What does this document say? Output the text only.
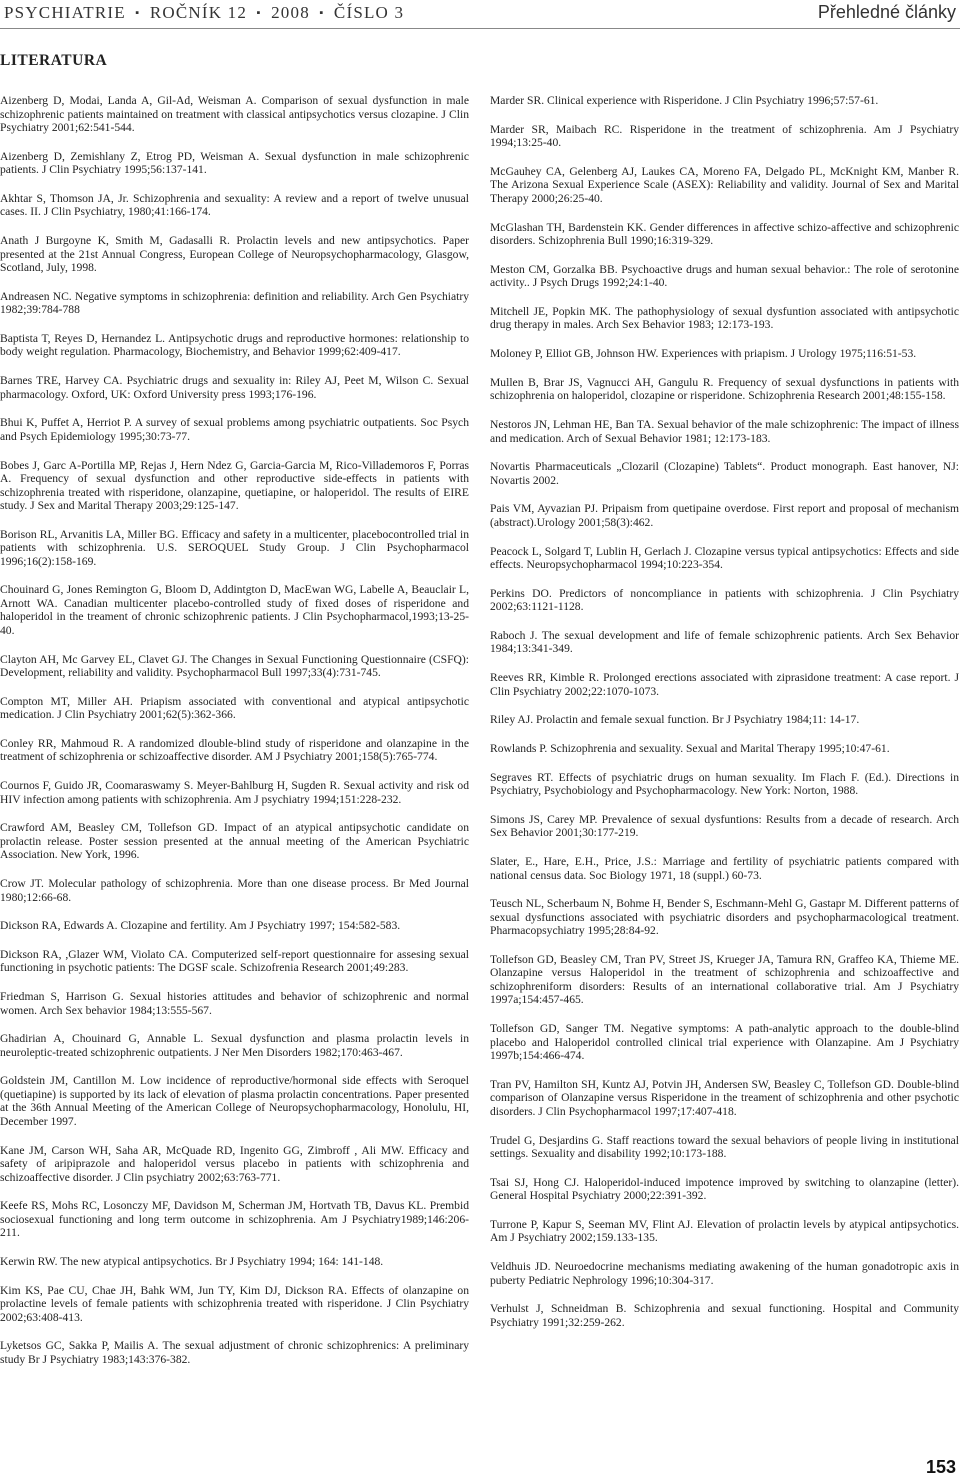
PSYCHIATRIE ▪ ROČNÍK 12 ▪ 2008 ▪ ČÍSLO 3	Přehledné články
LITERATURA

Aizenberg D, Modai, Landa A, Gil-Ad, Weisman A. Comparison of sexual dysfunction in male schizophrenic patients maintained on treatment with classical antipsychotics versus clozapine. J Clin Psychiatry 2001;62:541-544.

Aizenberg D, Zemishlany Z, Etrog PD, Weisman A. Sexual dysfunction in male schizophrenic patients. J Clin Psychiatry 1995;56:137-141.

Akhtar S, Thomson JA, Jr. Schizophrenia and sexuality: A review and a report of twelve unusual cases. II. J Clin Psychiatry, 1980;41:166-174.

Anath J Burgoyne K, Smith M, Gadasalli R. Prolactin levels and new antipsychotics. Paper presented at the 21st Annual Congress, European College of Neuropsychopharmacology, Glasgow, Scotland, July, 1998.

Andreasen NC. Negative symptoms in schizophrenia: definition and reliability. Arch Gen Psychiatry 1982;39:784-788

Baptista T, Reyes D, Hernandez L. Antipsychotic drugs and reproductive hormones: relationship to body weight regulation. Pharmacology, Biochemistry, and Behavior 1999;62:409-417.

Barnes TRE, Harvey CA. Psychiatric drugs and sexuality in: Riley AJ, Peet M, Wilson C. Sexual pharmacology. Oxford, UK: Oxford University press 1993;176-196.

Bhui K, Puffet A, Herriot P. A survey of sexual problems among psychiatric outpatients. Soc Psych and Psych Epidemiology 1995;30:73-77.

Bobes J, Garc A-Portilla MP, Rejas J, Hern Ndez G, Garcia-Garcia M, Rico-Villademoros F, Porras A. Frequency of sexual dysfunction and other reproductive side-effects in patients with schizophrenia treated with risperidone, olanzapine, quetiapine, or haloperidol. The results of EIRE study. J Sex and Marital Therapy 2003;29:125-147.

Borison RL, Arvanitis LA, Miller BG. Efficacy and safety in a multicenter, placebocontrolled trial in patients with schizophrenia. U.S. SEROQUEL Study Group. J Clin Psychopharmacol 1996;16(2):158-169.

Chouinard G, Jones Remington G, Bloom D, Addintgton D, MacEwan WG, Labelle A, Beauclair L, Arnott WA. Canadian multicenter placebo-controlled study of fixed doses of risperidone and haloperidol in the treament of chronic schizophrenic patients. J Clin Psychopharmacol,1993;13-25-40.

Clayton AH, Mc Garvey EL, Clavet GJ. The Changes in Sexual Functioning Questionnaire (CSFQ): Development, reliability and validity. Psychopharmacol Bull 1997;33(4):731-745.

Compton MT, Miller AH. Priapism associated with conventional and atypical antipsychotic medication. J Clin Psychiatry 2001;62(5):362-366.

Conley RR, Mahmoud R. A randomized dlouble-blind study of risperidone and olanzapine in the treatment of schizophrenia or schizoaffective disorder. AM J Psychiatry 2001;158(5):765-774.

Cournos F, Guido JR, Coomaraswamy S. Meyer-Bahlburg H, Sugden R. Sexual activity and risk od HIV infection among patients with schizophrenia. Am J psychiatry 1994;151:228-232.

Crawford AM, Beasley CM, Tollefson GD. Impact of an atypical antipsychotic candidate on prolactin release. Poster session presented at the annual meeting of the American Psychiatric Association. New York, 1996.

Crow JT. Molecular pathology of schizophrenia. More than one disease process. Br Med Journal 1980;12:66-68.

Dickson RA, Edwards A. Clozapine and fertility. Am J Psychiatry 1997; 154:582-583.

Dickson RA, ,Glazer WM, Violato CA. Computerized self-report questionnaire for assesing sexual functioning in psychotic patients: The DGSF scale. Schizofrenia Research 2001;49:283.

Friedman S, Harrison G. Sexual histories attitudes and behavior of schizophrenic and normal women. Arch Sex behavior 1984;13:555-567.

Ghadirian A, Chouinard G, Annable L. Sexual dysfunction and plasma prolactin levels in neuroleptic-treated schizophrenic outpatients. J Ner Men Disorders 1982;170:463-467.

Goldstein JM, Cantillon M. Low incidence of reproductive/hormonal side effects with Seroquel (quetiapine) is supported by its lack of elevation of plasma prolactin concentrations. Paper presented at the 36th Annual Meeting of the American College of Neuropsychopharmacology, Honolulu, HI, December 1997.

Kane JM, Carson WH, Saha AR, McQuade RD, Ingenito GG, Zimbroff , Ali MW. Efficacy and safety of aripiprazole and haloperidol versus placebo in patients with schizophrenia and schizoaffective disorder. J Clin psychiatry 2002;63:763-771.

Keefe RS, Mohs RC, Losonczy MF, Davidson M, Scherman JM, Hortvath TB, Davus KL. Prembid sociosexual functioning and long term outcome in schizophrenia. Am J Psychiatry1989;146:206-211.

Kerwin RW. The new atypical antipsychotics. Br J Psychiatry 1994; 164: 141-148.

Kim KS, Pae CU, Chae JH, Bahk WM, Jun TY, Kim DJ, Dickson RA. Effects of olanzapine on prolactine levels of female patients with schizophrenia treated with risperidone. J Clin Psychiatry 2002;63:408-413.

Lyketsos GC, Sakka P, Mailis A. The sexual adjustment of chronic schizophrenics: A preliminary study Br J Psychiatry 1983;143:376-382.

Marder SR. Clinical experience with Risperidone. J Clin Psychiatry 1996;57:57-61.

Marder SR, Maibach RC. Risperidone in the treatment of schizophrenia. Am J Psychiatry 1994;13:25-40.

McGauhey CA, Gelenberg AJ, Laukes CA, Moreno FA, Delgado PL, McKnight KM, Manber R. The Arizona Sexual Experience Scale (ASEX): Reliability and validity. Journal of Sex and Marital Therapy 2000;26:25-40.

McGlashan TH, Bardenstein KK. Gender differences in affective schizo-affective and schizophrenic disorders. Schizophrenia Bull 1990;16:319-329.

Meston CM, Gorzalka BB. Psychoactive drugs and human sexual behavior.: The role of serotonine activity.. J Psych Drugs 1992;24:1-40.

Mitchell JE, Popkin MK. The pathophysiology of sexual dysfuntion associated with antipsychotic drug therapy in males. Arch Sex Behavior 1983; 12:173-193.

Moloney P, Elliot GB, Johnson HW. Experiences with priapism. J Urology 1975;116:51-53.

Mullen B, Brar JS, Vagnucci AH, Gangulu R. Frequency of sexual dysfunctions in patients with schizophrenia on haloperidol, clozapine or risperidone. Schizophrenia Research 2001;48:155-158.

Nestoros JN, Lehman HE, Ban TA. Sexual behavior of the male schizophrenic: The impact of illness and medication. Arch of Sexual Behavior 1981; 12:173-183.

Novartis Pharmaceuticals „Clozaril (Clozapine) Tablets“. Product monograph. East hanover, NJ: Novartis 2002.

Pais VM, Ayvazian PJ. Pripaism from quetipaine overdose. First report and proposal of mechanism (abstract).Urology 2001;58(3):462.

Peacock L, Solgard T, Lublin H, Gerlach J. Clozapine versus typical antipsychotics: Effects and side effects. Neuropsychopharmacol 1994;10:223-354.

Perkins DO. Predictors of noncompliance in patients with schizophrenia. J Clin Psychiatry 2002;63:1121-1128.

Raboch J. The sexual development and life of female schizophrenic patients. Arch Sex Behavior 1984;13:341-349.

Reeves RR, Kimble R. Prolonged erections associated with ziprasidone treatment: A case report. J Clin Psychiatry 2002;22:1070-1073.

Riley AJ. Prolactin and female sexual function. Br J Psychiatry 1984;11: 14-17.

Rowlands P. Schizophrenia and sexuality. Sexual and Marital Therapy 1995;10:47-61.

Segraves RT. Effects of psychiatric drugs on human sexuality. Im Flach F. (Ed.). Directions in Psychiatry, Psychobiology and Psychopharmacology. New York: Norton, 1988.

Simons JS, Carey MP. Prevalence of sexual dysfuntions: Results from a decade of research. Arch Sex Behavior 2001;30:177-219.

Slater, E., Hare, E.H., Price, J.S.: Marriage and fertility of psychiatric patients compared with national census data. Soc Biology 1971, 18 (suppl.) 60-73.

Teusch NL, Scherbaum N, Bohme H, Bender S, Eschmann-Mehl G, Gastapr M. Different patterns of sexual dysfunctions associated with psychiatric disorders and psychopharmacological treatment. Pharmacopsychiatry 1995;28:84-92.

Tollefson GD, Beasley CM, Tran PV, Street JS, Krueger JA, Tamura RN, Graffeo KA, Thieme ME. Olanzapine versus Haloperidol in the treatment of schizophrenia and schizoaffective and schizophreniform disorders: Results of an international collaborative trial. Am J Psychiatry 1997a;154:457-465.

Tollefson GD, Sanger TM. Negative symptoms: A path-analytic approach to the double-blind placebo and Haloperidol controlled clinical trial experience with Olanzapine. Am J Psychiatry 1997b;154:466-474.

Tran PV, Hamilton SH, Kuntz AJ, Potvin JH, Andersen SW, Beasley C, Tollefson GD. Double-blind comparison of Olanzapine versus Risperidone in the treament of schizophrenia and other psychotic disorders. J Clin Psychopharmacol 1997;17:407-418.

Trudel G, Desjardins G. Staff reactions toward the sexual behaviors of people living in institutional settings. Sexuality and disability 1992;10:173-188.

Tsai SJ, Hong CJ. Haloperidol-induced impotence improved by switching to olanzapine (letter). General Hospital Psychiatry 2000;22:391-392.

Turrone P, Kapur S, Seeman MV, Flint AJ. Elevation of prolactin levels by atypical antipsychotics. Am J Psychiatry 2002;159.133-135.

Veldhuis JD. Neuroedocrine mechanisms mediating awakening of the human gonadotropic axis in puberty Pediatric Nephrology 1996;10:304-317.

Verhulst J, Schneidman B. Schizophrenia and sexual functioning. Hospital and Community Psychiatry 1991;32:259-262.

153
